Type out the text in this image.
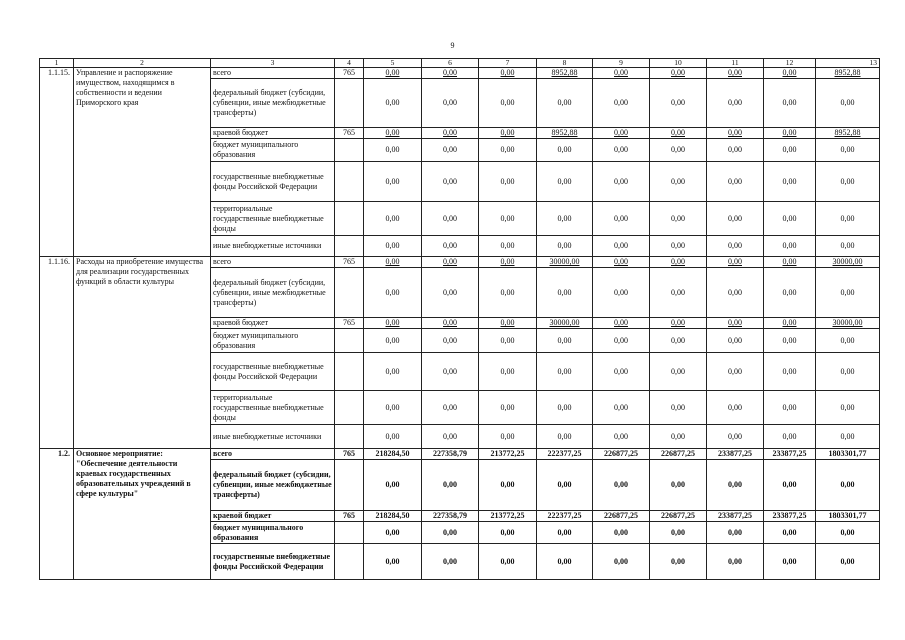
9
1	2	3	4	5	6	7	8	9	10	11	12	13
1.1.15.	Управление и распоряжение имуществом, находящимся в собственности и ведении Приморского края	всего	765	0,00	0,00	0,00	8952,88	0,00	0,00	0,00	0,00	8952,88
		федеральный бюджет (субсидии, субвенции, иные межбюджетные трансферты)		0,00	0,00	0,00	0,00	0,00	0,00	0,00	0,00	0,00
		краевой бюджет	765	0,00	0,00	0,00	8952,88	0,00	0,00	0,00	0,00	8952,88
		бюджет муниципального образования		0,00	0,00	0,00	0,00	0,00	0,00	0,00	0,00	0,00
		государственные внебюджетные фонды Российской Федерации		0,00	0,00	0,00	0,00	0,00	0,00	0,00	0,00	0,00
		территориальные государственные внебюджетные фонды		0,00	0,00	0,00	0,00	0,00	0,00	0,00	0,00	0,00
		иные внебюджетные источники		0,00	0,00	0,00	0,00	0,00	0,00	0,00	0,00	0,00
1.1.16.	Расходы на приобретение имущества для реализации государственных функций в области культуры	всего	765	0,00	0,00	0,00	30000,00	0,00	0,00	0,00	0,00	30000,00
		федеральный бюджет (субсидии, субвенции, иные межбюджетные трансферты)		0,00	0,00	0,00	0,00	0,00	0,00	0,00	0,00	0,00
		краевой бюджет	765	0,00	0,00	0,00	30000,00	0,00	0,00	0,00	0,00	30000,00
		бюджет муниципального образования		0,00	0,00	0,00	0,00	0,00	0,00	0,00	0,00	0,00
		государственные внебюджетные фонды Российской Федерации		0,00	0,00	0,00	0,00	0,00	0,00	0,00	0,00	0,00
		территориальные государственные внебюджетные фонды		0,00	0,00	0,00	0,00	0,00	0,00	0,00	0,00	0,00
		иные внебюджетные источники		0,00	0,00	0,00	0,00	0,00	0,00	0,00	0,00	0,00
1.2.	Основное мероприятие: "Обеспечение деятельности краевых государственных образовательных учреждений в сфере культуры"	всего	765	218284,50	227358,79	213772,25	222377,25	226877,25	226877,25	233877,25	233877,25	1803301,77
		федеральный бюджет (субсидии, субвенции, иные межбюджетные трансферты)		0,00	0,00	0,00	0,00	0,00	0,00	0,00	0,00	0,00
		краевой бюджет	765	218284,50	227358,79	213772,25	222377,25	226877,25	226877,25	233877,25	233877,25	1803301,77
		бюджет муниципального образования		0,00	0,00	0,00	0,00	0,00	0,00	0,00	0,00	0,00
		государственные внебюджетные фонды Российской Федерации		0,00	0,00	0,00	0,00	0,00	0,00	0,00	0,00	0,00
